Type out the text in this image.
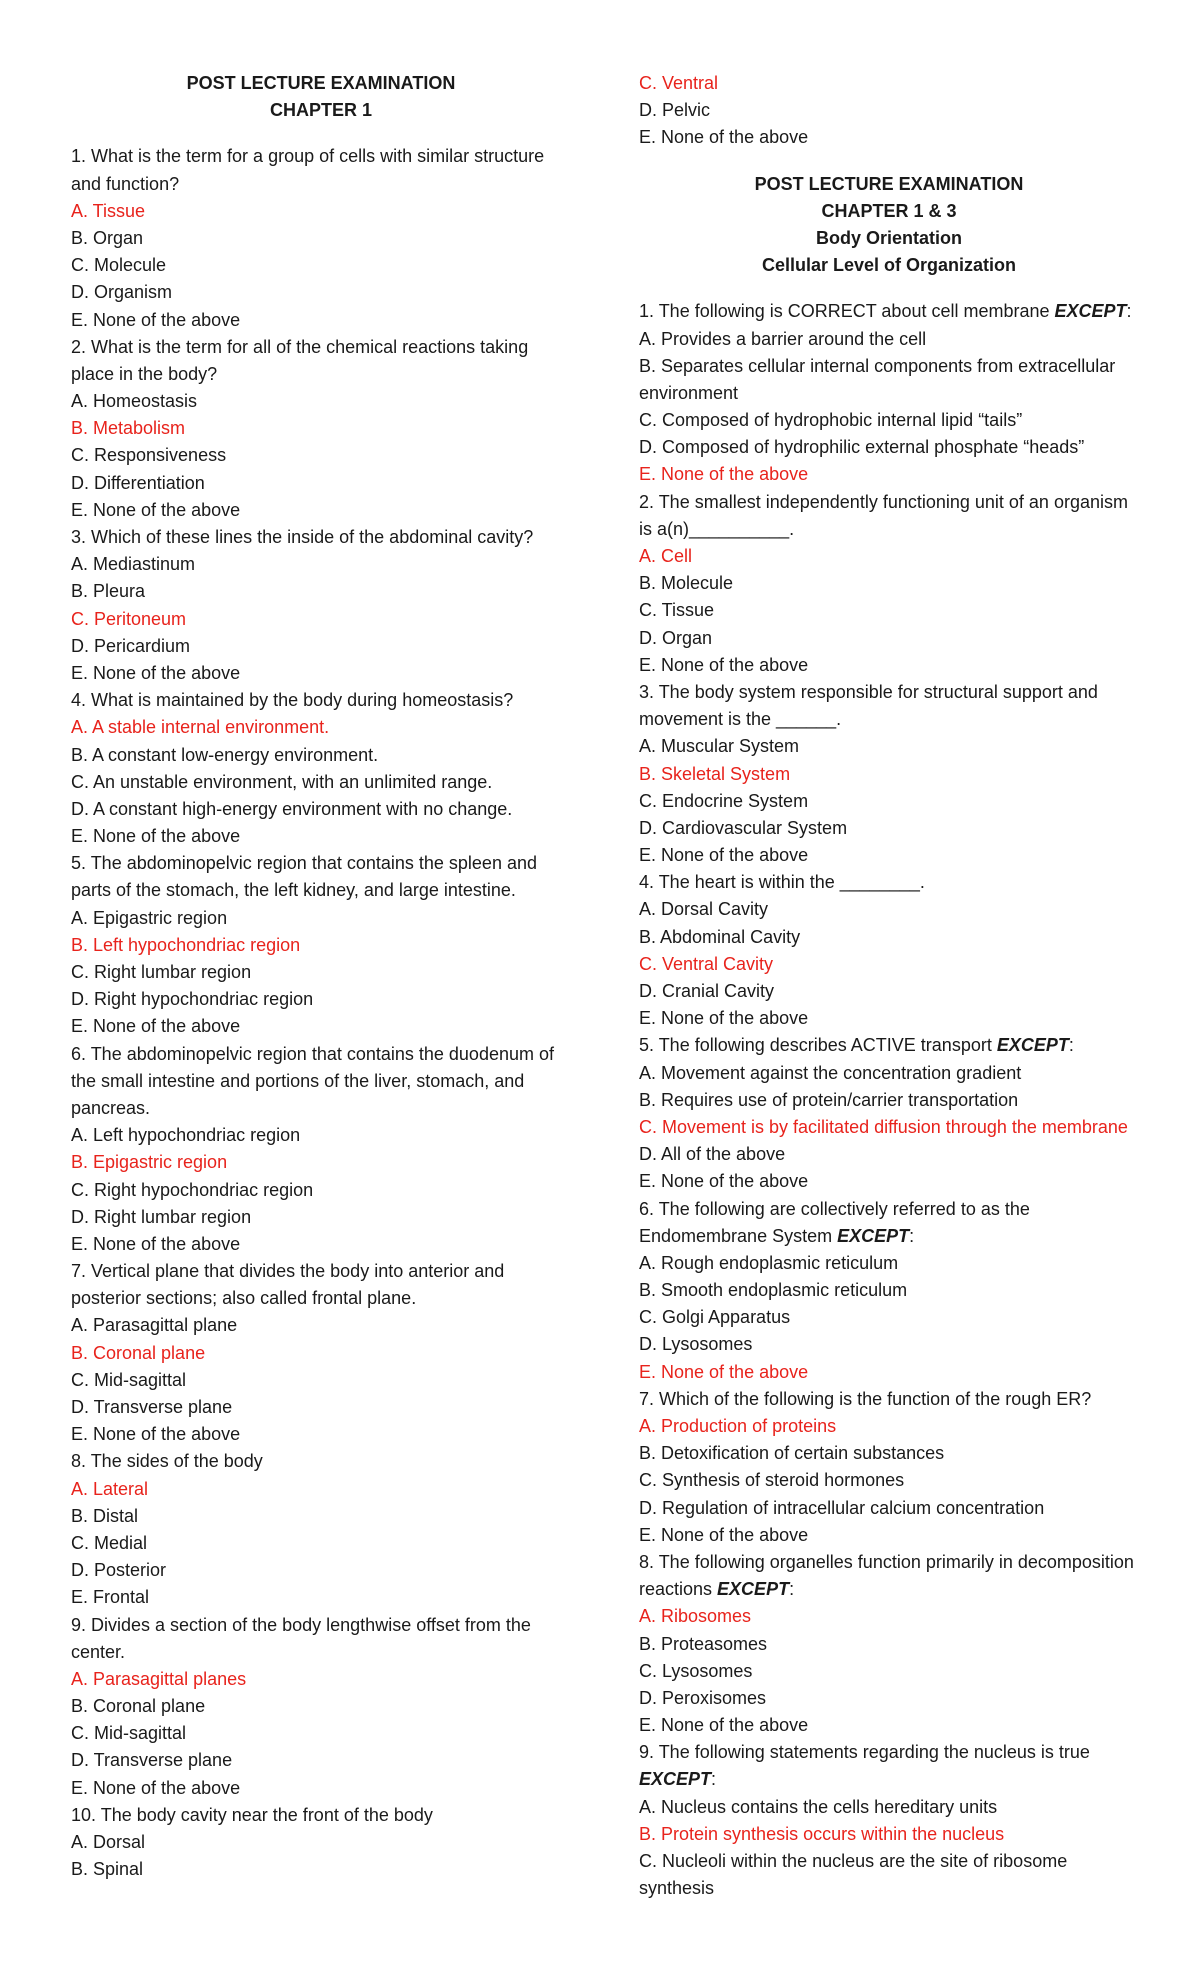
POST LECTURE EXAMINATION
CHAPTER 1
1. What is the term for a group of cells with similar structure
and function?
A. Tissue
B. Organ
C. Molecule
D. Organism
E. None of the above
2. What is the term for all of the chemical reactions taking
place in the body?
A. Homeostasis
B. Metabolism
C. Responsiveness
D. Differentiation
E. None of the above
3. Which of these lines the inside of the abdominal cavity?
A. Mediastinum
B. Pleura
C. Peritoneum
D. Pericardium
E. None of the above
4. What is maintained by the body during homeostasis?
A. A stable internal environment.
B. A constant low-energy environment.
C. An unstable environment, with an unlimited range.
D. A constant high-energy environment with no change.
E. None of the above
5. The abdominopelvic region that contains the spleen and
parts of the stomach, the left kidney, and large intestine.
A. Epigastric region
B. Left hypochondriac region
C. Right lumbar region
D. Right hypochondriac region
E. None of the above
6. The abdominopelvic region that contains the duodenum of
the small intestine and portions of the liver, stomach, and
pancreas.
A. Left hypochondriac region
B. Epigastric region
C. Right hypochondriac region
D. Right lumbar region
E. None of the above
7. Vertical plane that divides the body into anterior and
posterior sections; also called frontal plane.
A. Parasagittal plane
B. Coronal plane
C. Mid-sagittal
D. Transverse plane
E. None of the above
8. The sides of the body
A. Lateral
B. Distal
C. Medial
D. Posterior
E. Frontal
9. Divides a section of the body lengthwise offset from the
center.
A. Parasagittal planes
B. Coronal plane
C. Mid-sagittal
D. Transverse plane
E. None of the above
10. The body cavity near the front of the body
A. Dorsal
B. Spinal
C. Ventral
D. Pelvic
E. None of the above
POST LECTURE EXAMINATION
CHAPTER 1 & 3
Body Orientation
Cellular Level of Organization
1. The following is CORRECT about cell membrane EXCEPT:
A. Provides a barrier around the cell
B. Separates cellular internal components from extracellular
environment
C. Composed of hydrophobic internal lipid “tails”
D. Composed of hydrophilic external phosphate “heads”
E. None of the above
2. The smallest independently functioning unit of an organism
is a(n)__________.
A. Cell
B. Molecule
C. Tissue
D. Organ
E. None of the above
3. The body system responsible for structural support and
movement is the ______.
A. Muscular System
B. Skeletal System
C. Endocrine System
D. Cardiovascular System
E. None of the above
4. The heart is within the ________.
A. Dorsal Cavity
B. Abdominal Cavity
C. Ventral Cavity
D. Cranial Cavity
E. None of the above
5. The following describes ACTIVE transport EXCEPT:
A. Movement against the concentration gradient
B. Requires use of protein/carrier transportation
C. Movement is by facilitated diffusion through the membrane
D. All of the above
E. None of the above
6. The following are collectively referred to as the
Endomembrane System EXCEPT:
A. Rough endoplasmic reticulum
B. Smooth endoplasmic reticulum
C. Golgi Apparatus
D. Lysosomes
E. None of the above
7. Which of the following is the function of the rough ER?
A. Production of proteins
B. Detoxification of certain substances
C. Synthesis of steroid hormones
D. Regulation of intracellular calcium concentration
E. None of the above
8. The following organelles function primarily in decomposition
reactions EXCEPT:
A. Ribosomes
B. Proteasomes
C. Lysosomes
D. Peroxisomes
E. None of the above
9. The following statements regarding the nucleus is true
EXCEPT:
A. Nucleus contains the cells hereditary units
B. Protein synthesis occurs within the nucleus
C. Nucleoli within the nucleus are the site of ribosome
synthesis
